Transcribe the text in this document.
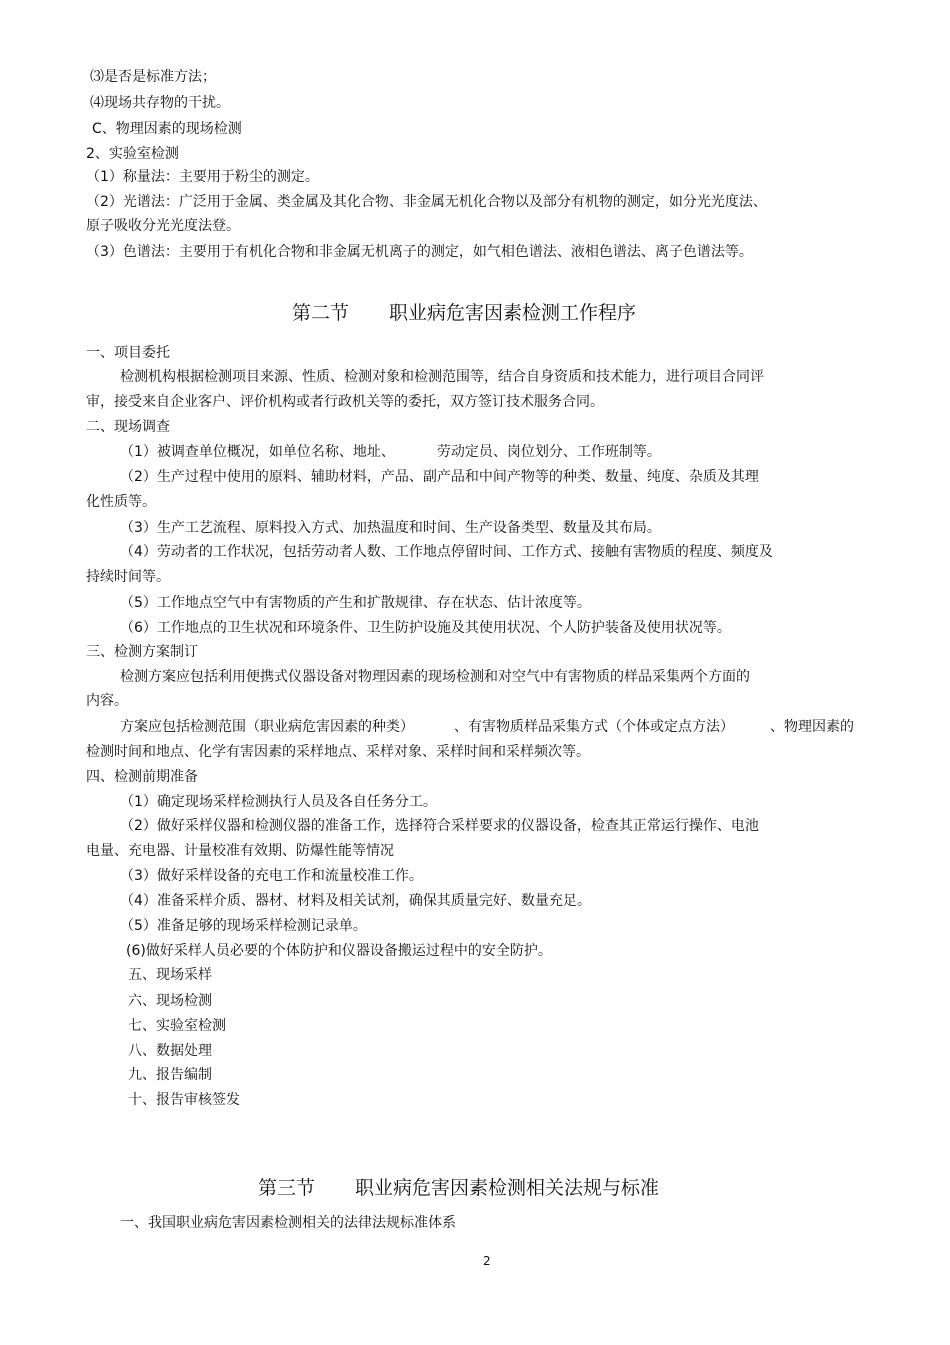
⑶是否是标准方法；
⑷现场共存物的干扰。
C、物理因素的现场检测
2、实验室检测
（1）称量法：主要用于粉尘的测定。
（2）光谱法：广泛用于金属、类金属及其化合物、非金属无机化合物以及部分有机物的测定，如分光光度法、
原子吸收分光光度法登。
（3）色谱法：主要用于有机化合物和非金属无机离子的测定，如气相色谱法、液相色谱法、离子色谱法等。
第二节 职业病危害因素检测工作程序
一、项目委托
检测机构根据检测项目来源、性质、检测对象和检测范围等，结合自身资质和技术能力，进行项目合同评
审，接受来自企业客户、评价机构或者行政机关等的委托，双方签订技术服务合同。
二、现场调查
（1）被调查单位概况，如单位名称、地址、	劳动定员、岗位划分、工作班制等。
（2）生产过程中使用的原料、辅助材料，产品、副产品和中间产物等的种类、数量、纯度、杂质及其理
化性质等。
（3）生产工艺流程、原料投入方式、加热温度和时间、生产设备类型、数量及其布局。
（4）劳动者的工作状况，包括劳动者人数、工作地点停留时间、工作方式、接触有害物质的程度、频度及
持续时间等。
（5）工作地点空气中有害物质的产生和扩散规律、存在状态、估计浓度等。
（6）工作地点的卫生状况和环境条件、卫生防护设施及其使用状况、个人防护装备及使用状况等。
三、检测方案制订
检测方案应包括利用便携式仪器设备对物理因素的现场检测和对空气中有害物质的样品采集两个方面的
内容。
方案应包括检测范围（职业病危害因素的种类）	、有害物质样品采集方式（个体或定点方法）	、物理因素的
检测时间和地点、化学有害因素的采样地点、采样对象、采样时间和采样频次等。
四、检测前期准备
（1）确定现场采样检测执行人员及各自任务分工。
（2）做好采样仪器和检测仪器的准备工作，选择符合采样要求的仪器设备，检查其正常运行操作、电池
电量、充电器、计量校准有效期、防爆性能等情况
（3）做好采样设备的充电工作和流量校准工作。
（4）准备采样介质、器材、材料及相关试剂，确保其质量完好、数量充足。
（5）准备足够的现场采样检测记录单。
(6)做好采样人员必要的个体防护和仪器设备搬运过程中的安全防护。
五、现场采样
六、现场检测
七、实验室检测
八、数据处理
九、报告编制
十、报告审核签发
第三节 职业病危害因素检测相关法规与标准
一、我国职业病危害因素检测相关的法律法规标准体系
2
